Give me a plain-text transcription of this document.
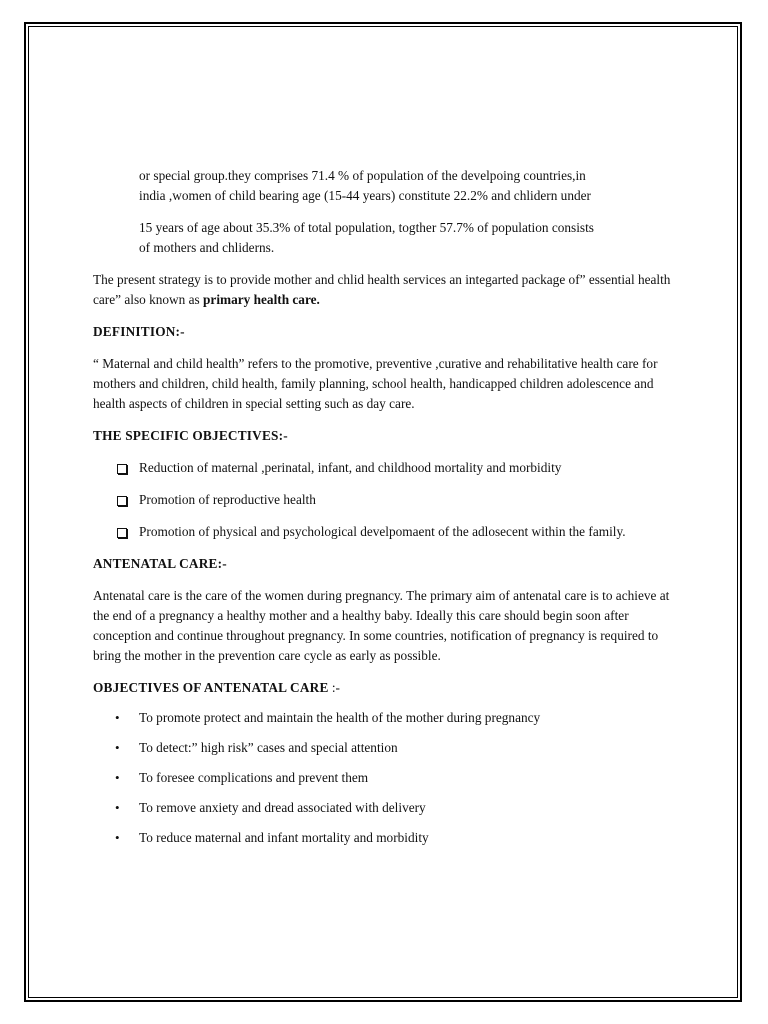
or special group.they comprises 71.4 % of population of the develpoing countries,in

india ,women of child bearing age (15-44 years) constitute 22.2% and chlidern under

15 years of age about 35.3% of total population, togther 57.7% of population consists

of mothers and chliderns.

The present strategy is to provide mother and chlid health services an integarted package of” essential health care” also known as primary health care.

DEFINITION:-

“ Maternal and child health” refers to the promotive, preventive ,curative and rehabilitative health care for mothers and children, child health, family planning, school health, handicapped children adolescence and health aspects of children in special setting such as day care.

THE SPECIFIC OBJECTIVES:-

Reduction of maternal ,perinatal, infant, and childhood mortality and morbidity
Promotion of reproductive health
Promotion of physical and psychological develpomaent of the adlosecent within the family.

ANTENATAL CARE:-

Antenatal care is the care of the women during pregnancy. The primary aim of antenatal care is to achieve at the end of a pregnancy a healthy mother and a healthy baby. Ideally this care should begin soon after conception and continue throughout pregnancy. In some countries, notification of pregnancy is required to bring the mother in the prevention care cycle as early as possible.

OBJECTIVES OF ANTENATAL CARE :-

• To promote protect and maintain the health of the mother during pregnancy
• To detect:” high risk” cases and special attention
• To foresee complications and prevent them
• To remove anxiety and dread associated with delivery
• To reduce maternal and infant mortality and morbidity
